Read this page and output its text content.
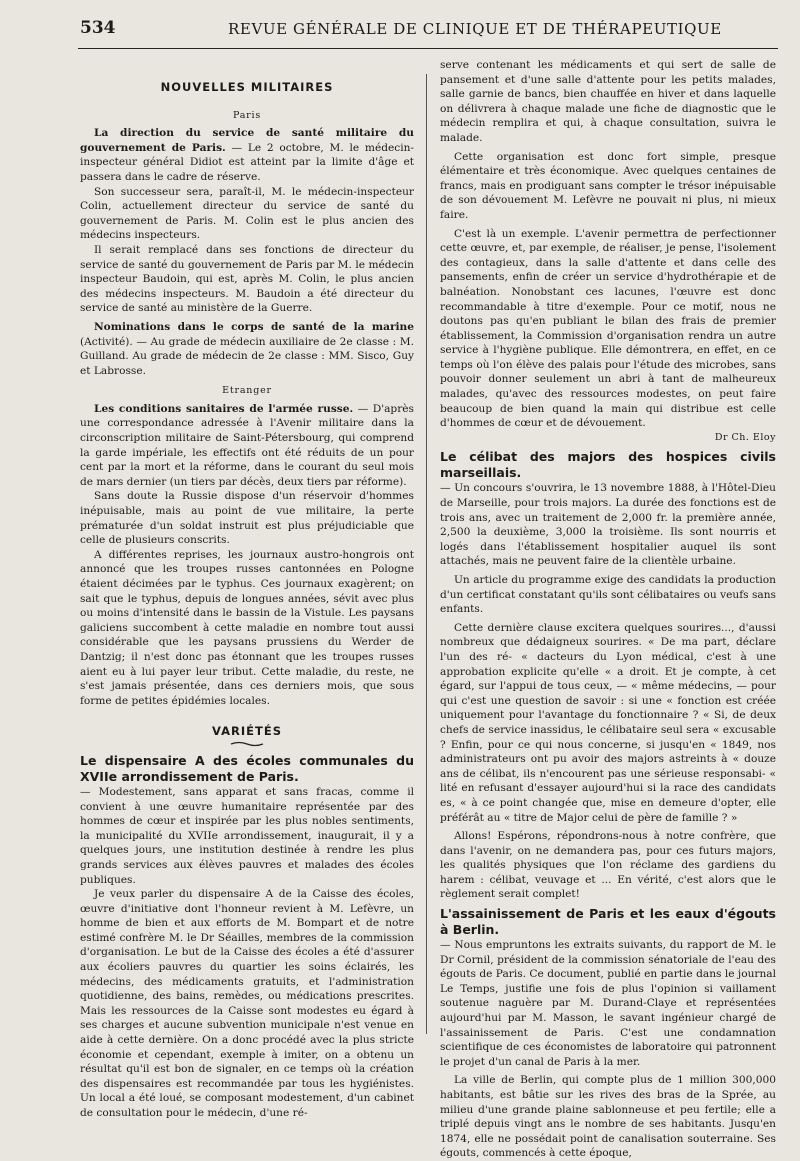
534	REVUE GÉNÉRALE DE CLINIQUE ET DE THÉRAPEUTIQUE
NOUVELLES MILITAIRES
Paris

La direction du service de santé militaire du gouvernement de Paris. — Le 2 octobre, M. le médecin-inspecteur général Didiot est atteint par la limite d'âge et passera dans le cadre de réserve.

Son successeur sera, paraît-il, M. le médecin-inspecteur Colin, actuellement directeur du service de santé du gouvernement de Paris. M. Colin est le plus ancien des médecins inspecteurs.

Il serait remplacé dans ses fonctions de directeur du service de santé du gouvernement de Paris par M. le médecin inspecteur Baudoin, qui est, après M. Colin, le plus ancien des médecins inspecteurs. M. Baudoin a été directeur du service de santé au ministère de la Guerre.

Nominations dans le corps de santé de la marine (Activité). — Au grade de médecin auxiliaire de 2e classe : M. Guilland. Au grade de médecin de 2e classe : MM. Sisco, Guy et Labrosse.

Etranger

Les conditions sanitaires de l'armée russe. — D'après une correspondance adressée à l'Avenir militaire dans la circonscription militaire de Saint-Pétersbourg, qui comprend la garde impériale, les effectifs ont été réduits de un pour cent par la mort et la réforme, dans le courant du seul mois de mars dernier (un tiers par décès, deux tiers par réforme).

Sans doute la Russie dispose d'un réservoir d'hommes inépuisable, mais au point de vue militaire, la perte prématurée d'un soldat instruit est plus préjudiciable que celle de plusieurs conscrits.

A différentes reprises, les journaux austro-hongrois ont annoncé que les troupes russes cantonnées en Pologne étaient décimées par le typhus. Ces journaux exagèrent; on sait que le typhus, depuis de longues années, sévit avec plus ou moins d'intensité dans le bassin de la Vistule. Les paysans galiciens succombent à cette maladie en nombre tout aussi considérable que les paysans prussiens du Werder de Dantzig; il n'est donc pas étonnant que les troupes russes aient eu à lui payer leur tribut. Cette maladie, du reste, ne s'est jamais présentée, dans ces derniers mois, que sous forme de petites épidémies locales.

VARIÉTÉS

Le dispensaire A des écoles communales du XVIIe arrondissement de Paris.

— Modestement, sans apparat et sans fracas, comme il convient à une œuvre humanitaire représentée par des hommes de cœur et inspirée par les plus nobles sentiments, la municipalité du XVIIe arrondissement, inaugurait, il y a quelques jours, une institution destinée à rendre les plus grands services aux élèves pauvres et malades des écoles publiques.

Je veux parler du dispensaire A de la Caisse des écoles, œuvre d'initiative dont l'honneur revient à M. Lefèvre, un homme de bien et aux efforts de M. Bompart et de notre estimé confrère M. le Dr Séailles, membres de la commission d'organisation. Le but de la Caisse des écoles a été d'assurer aux écoliers pauvres du quartier les soins éclairés, les médecins, des médicaments gratuits, et l'administration quotidienne, des bains, remèdes, ou médications prescrites. Mais les ressources de la Caisse sont modestes eu égard à ses charges et aucune subvention municipale n'est venue en aide à cette dernière. On a donc procédé avec la plus stricte économie et cependant, exemple à imiter, on a obtenu un résultat qu'il est bon de signaler, en ce temps où la création des dispensaires est recommandée par tous les hygiénistes. Un local a été loué, se composant modestement, d'un cabinet de consultation pour le médecin, d'une ré-

serve contenant les médicaments et qui sert de salle de pansement et d'une salle d'attente pour les petits malades, salle garnie de bancs, bien chauffée en hiver et dans laquelle on délivrera à chaque malade une fiche de diagnostic que le médecin remplira et qui, à chaque consultation, suivra le malade.

Cette organisation est donc fort simple, presque élémentaire et très économique. Avec quelques centaines de francs, mais en prodiguant sans compter le trésor inépuisable de son dévouement M. Lefèvre ne pouvait ni plus, ni mieux faire.

C'est là un exemple. L'avenir permettra de perfectionner cette œuvre, et, par exemple, de réaliser, je pense, l'isolement des contagieux, dans la salle d'attente et dans celle des pansements, enfin de créer un service d'hydrothérapie et de balnéation. Nonobstant ces lacunes, l'œuvre est donc recommandable à titre d'exemple. Pour ce motif, nous ne doutons pas qu'en publiant le bilan des frais de premier établissement, la Commission d'organisation rendra un autre service à l'hygiène publique. Elle démontrera, en effet, en ce temps où l'on élève des palais pour l'étude des microbes, sans pouvoir donner seulement un abri à tant de malheureux malades, qu'avec des ressources modestes, on peut faire beaucoup de bien quand la main qui distribue est celle d'hommes de cœur et de dévouement.

Dr Ch. Eloy

Le célibat des majors des hospices civils marseillais.

— Un concours s'ouvrira, le 13 novembre 1888, à l'Hôtel-Dieu de Marseille, pour trois majors. La durée des fonctions est de trois ans, avec un traitement de 2,000 fr. la première année, 2,500 la deuxième, 3,000 la troisième. Ils sont nourris et logés dans l'établissement hospitalier auquel ils sont attachés, mais ne peuvent faire de la clientèle urbaine.

Un article du programme exige des candidats la production d'un certificat constatant qu'ils sont célibataires ou veufs sans enfants.

Cette dernière clause excitera quelques sourires..., d'aussi nombreux que dédaigneux sourires. « De ma part, déclare l'un des ré- « dacteurs du Lyon médical, c'est à une approbation explicite qu'elle « a droit. Et je compte, à cet égard, sur l'appui de tous ceux, — « même médecins, — pour qui c'est une question de savoir : si une « fonction est créée uniquement pour l'avantage du fonctionnaire ? « Si, de deux chefs de service inassidus, le célibataire seul sera « excusable ? Enfin, pour ce qui nous concerne, si jusqu'en « 1849, nos administrateurs ont pu avoir des majors astreints à « douze ans de célibat, ils n'encourent pas une sérieuse responsabi- « lité en refusant d'essayer aujourd'hui si la race des candidats es, « à ce point changée que, mise en demeure d'opter, elle préférât au « titre de Major celui de père de famille ? »

Allons! Espérons, répondrons-nous à notre confrère, que dans l'avenir, on ne demandera pas, pour ces futurs majors, les qualités physiques que l'on réclame des gardiens du harem : célibat, veuvage et ... En vérité, c'est alors que le règlement serait complet!

L'assainissement de Paris et les eaux d'égouts à Berlin.

— Nous empruntons les extraits suivants, du rapport de M. le Dr Cornil, président de la commission sénatoriale de l'eau des égouts de Paris. Ce document, publié en partie dans le journal Le Temps, justifie une fois de plus l'opinion si vaillament soutenue naguère par M. Durand-Claye et représentées aujourd'hui par M. Masson, le savant ingénieur chargé de l'assainissement de Paris. C'est une condamnation scientifique de ces économistes de laboratoire qui patronnent le projet d'un canal de Paris à la mer.

La ville de Berlin, qui compte plus de 1 million 300,000 habitants, est bâtie sur les rives des bras de la Sprée, au milieu d'une grande plaine sablonneuse et peu fertile; elle a triplé depuis vingt ans le nombre de ses habitants. Jusqu'en 1874, elle ne possédait point de canalisation souterraine. Ses égouts, commencés à cette époque,
